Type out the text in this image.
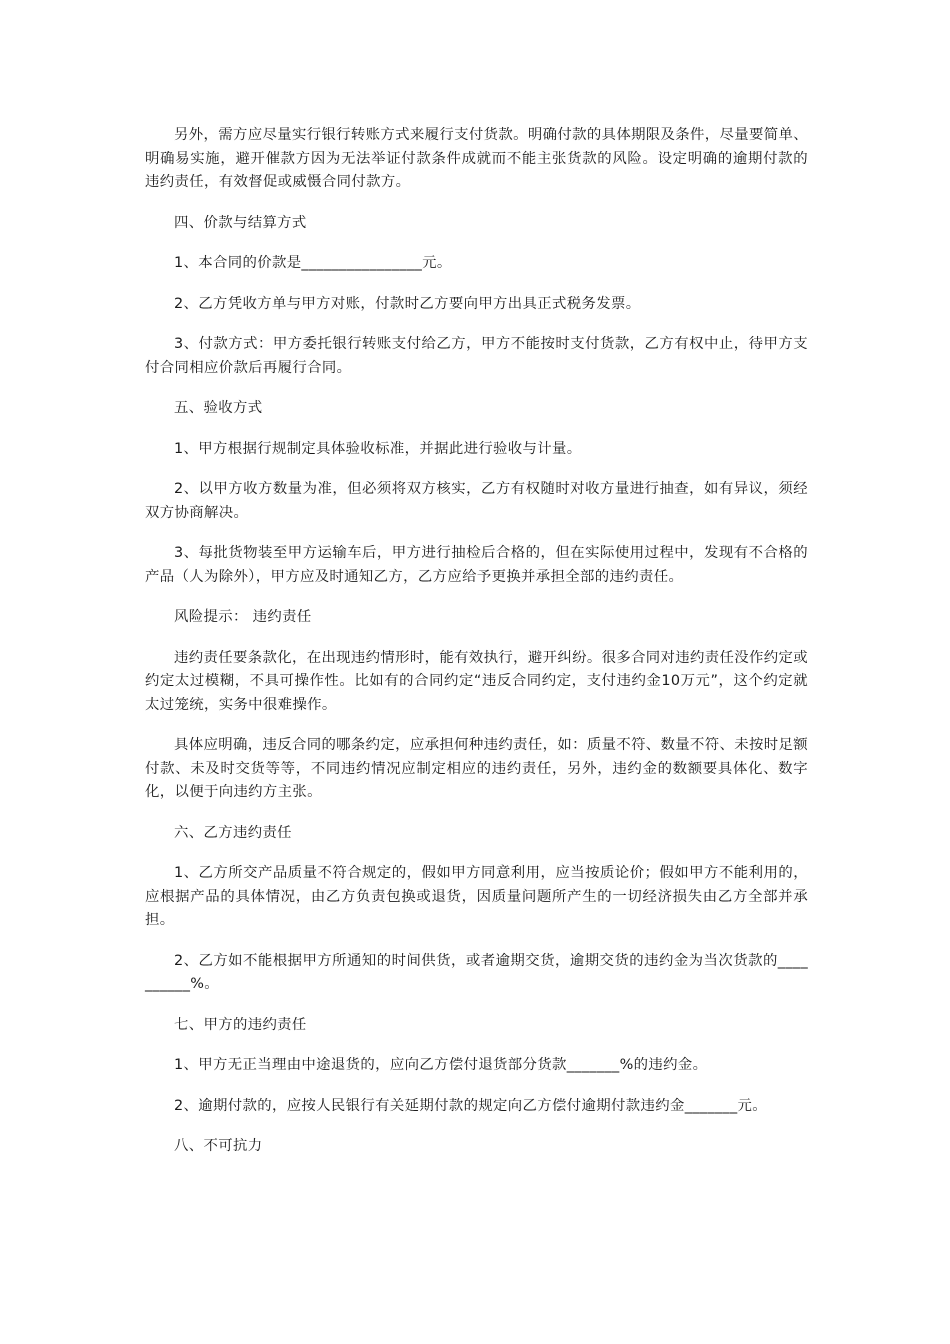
另外，需方应尽量实行银行转账方式来履行支付货款。明确付款的具体期限及条件，尽量要简单、明确易实施，避开催款方因为无法举证付款条件成就而不能主张货款的风险。设定明确的逾期付款的违约责任，有效督促或威慑合同付款方。

四、价款与结算方式

1、本合同的价款是________________元。

2、乙方凭收方单与甲方对账，付款时乙方要向甲方出具正式税务发票。

3、付款方式：甲方委托银行转账支付给乙方，甲方不能按时支付货款，乙方有权中止，待甲方支付合同相应价款后再履行合同。

五、验收方式

1、甲方根据行规制定具体验收标准，并据此进行验收与计量。

2、以甲方收方数量为准，但必须将双方核实，乙方有权随时对收方量进行抽查，如有异议，须经双方协商解决。

3、每批货物装至甲方运输车后，甲方进行抽检后合格的，但在实际使用过程中，发现有不合格的产品（人为除外），甲方应及时通知乙方，乙方应给予更换并承担全部的违约责任。

风险提示： 违约责任

违约责任要条款化，在出现违约情形时，能有效执行，避开纠纷。很多合同对违约责任没作约定或约定太过模糊，不具可操作性。比如有的合同约定“违反合同约定，支付违约金10万元”，这个约定就太过笼统，实务中很难操作。

具体应明确，违反合同的哪条约定，应承担何种违约责任，如：质量不符、数量不符、未按时足额付款、未及时交货等等，不同违约情况应制定相应的违约责任，另外，违约金的数额要具体化、数字化，以便于向违约方主张。

六、乙方违约责任

1、乙方所交产品质量不符合规定的，假如甲方同意利用，应当按质论价；假如甲方不能利用的，应根据产品的具体情况，由乙方负责包换或退货，因质量问题所产生的一切经济损失由乙方全部并承担。

2、乙方如不能根据甲方所通知的时间供货，或者逾期交货，逾期交货的违约金为当次货款的__________%。

七、甲方的违约责任

1、甲方无正当理由中途退货的，应向乙方偿付退货部分货款_______%的违约金。

2、逾期付款的，应按人民银行有关延期付款的规定向乙方偿付逾期付款违约金_______元。

八、不可抗力
